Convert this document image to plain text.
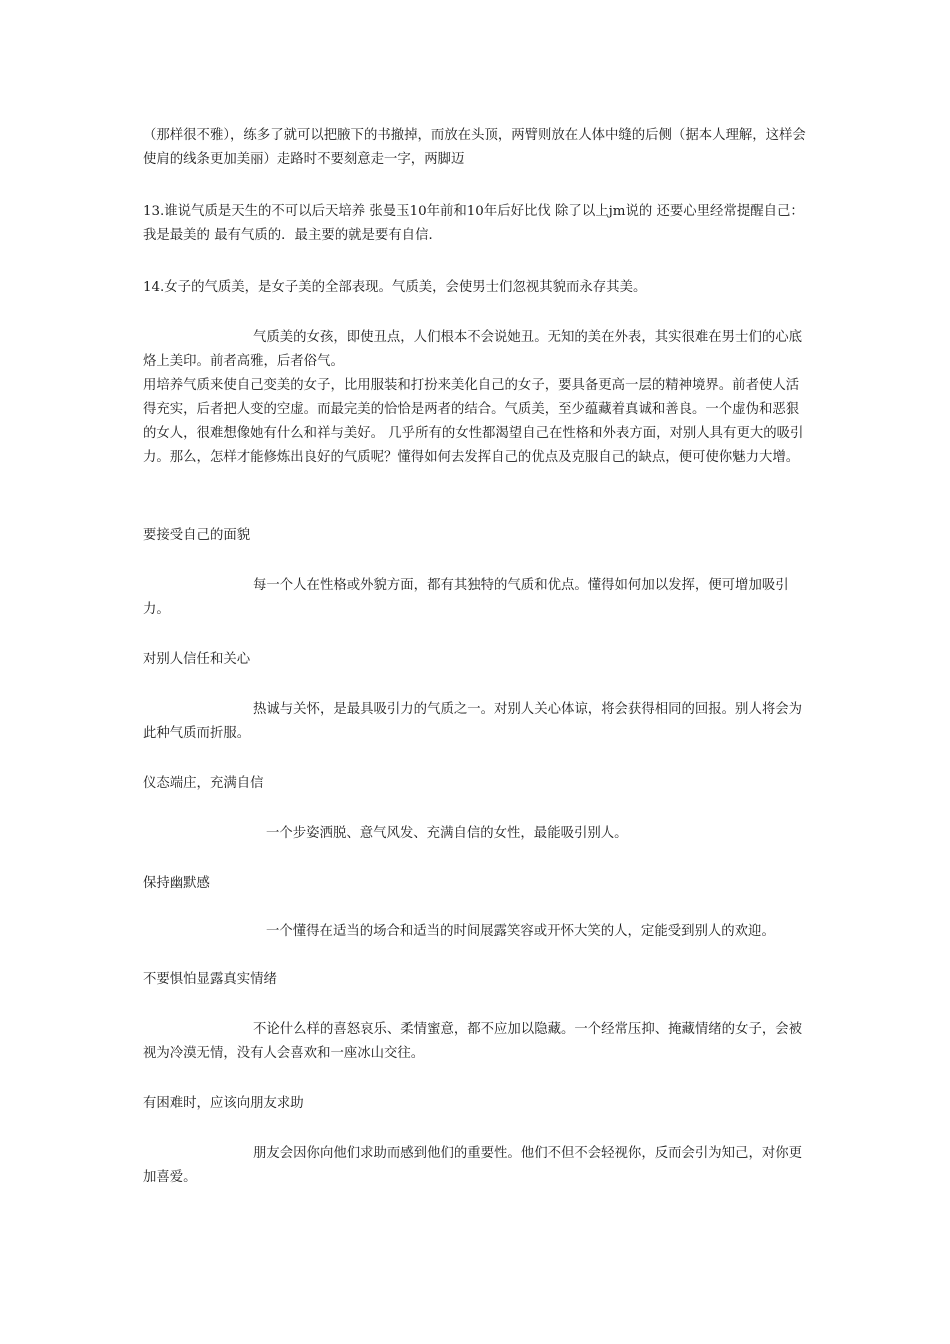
（那样很不雅），练多了就可以把腋下的书撤掉，而放在头顶，两臂则放在人体中缝的后侧（据本人理解，这样会使肩的线条更加美丽）走路时不要刻意走一字，两脚迈

13.谁说气质是天生的不可以后天培养 张曼玉10年前和10年后好比伐 除了以上jm说的 还要心里经常提醒自己：我是最美的 最有气质的．最主要的就是要有自信．

14.女子的气质美，是女子美的全部表现。气质美，会使男士们忽视其貌而永存其美。

气质美的女孩，即使丑点，人们根本不会说她丑。无知的美在外表，其实很难在男士们的心底烙上美印。前者高雅，后者俗气。

用培养气质来使自己变美的女子，比用服装和打扮来美化自己的女子，要具备更高一层的精神境界。前者使人活得充实，后者把人变的空虚。而最完美的恰恰是两者的结合。气质美，至少蕴藏着真诚和善良。一个虚伪和恶狠的女人，很难想像她有什么和祥与美好。 几乎所有的女性都渴望自己在性格和外表方面，对别人具有更大的吸引力。那么，怎样才能修炼出良好的气质呢？懂得如何去发挥自己的优点及克服自己的缺点，便可使你魅力大增。

要接受自己的面貌

每一个人在性格或外貌方面，都有其独特的气质和优点。懂得如何加以发挥，便可增加吸引力。

对别人信任和关心

热诚与关怀，是最具吸引力的气质之一。对别人关心体谅，将会获得相同的回报。别人将会为此种气质而折服。

仪态端庄，充满自信

一个步姿洒脱、意气风发、充满自信的女性，最能吸引别人。

保持幽默感

一个懂得在适当的场合和适当的时间展露笑容或开怀大笑的人，定能受到别人的欢迎。

不要惧怕显露真实情绪

不论什么样的喜怒哀乐、柔情蜜意，都不应加以隐藏。一个经常压抑、掩藏情绪的女子，会被视为冷漠无情，没有人会喜欢和一座冰山交往。

有困难时，应该向朋友求助

朋友会因你向他们求助而感到他们的重要性。他们不但不会轻视你，反而会引为知己，对你更加喜爱。
